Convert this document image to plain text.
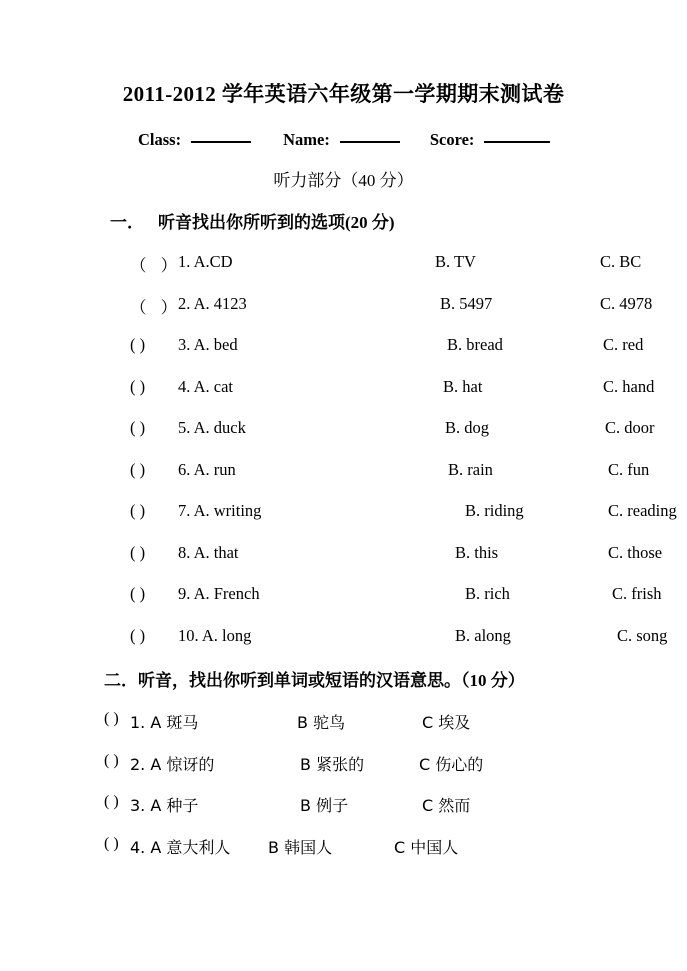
2011-2012 学年英语六年级第一学期期末测试卷
Class:	Name:	Score:
听力部分（40 分）
一． 听音找出你所听到的选项(20 分)
（ ）
1. A.CD	B. TV	C. BC
（ ）
2. A. 4123	B. 5497	C. 4978
( )	3. A. bed	B. bread	C. red
( )	4. A. cat	B. hat	C. hand
( )	5. A. duck	B. dog	C. door
( )	6. A. run	B. rain	C. fun
( )	7. A. writing	B. riding	C. reading
( )	8. A. that	B. this	C. those
( )	9. A. French	B. rich	C. frish
( )	10. A. long	B. along	C. song
二．听音，找出你听到单词或短语的汉语意思。（10 分）
( ) 1. A 斑马	B 驼鸟	C 埃及
( ) 2. A 惊讶的	B 紧张的	C 伤心的
( ) 3. A 种子	B 例子	C 然而
( ) 4. A 意大利人 B 韩国人	C 中国人
